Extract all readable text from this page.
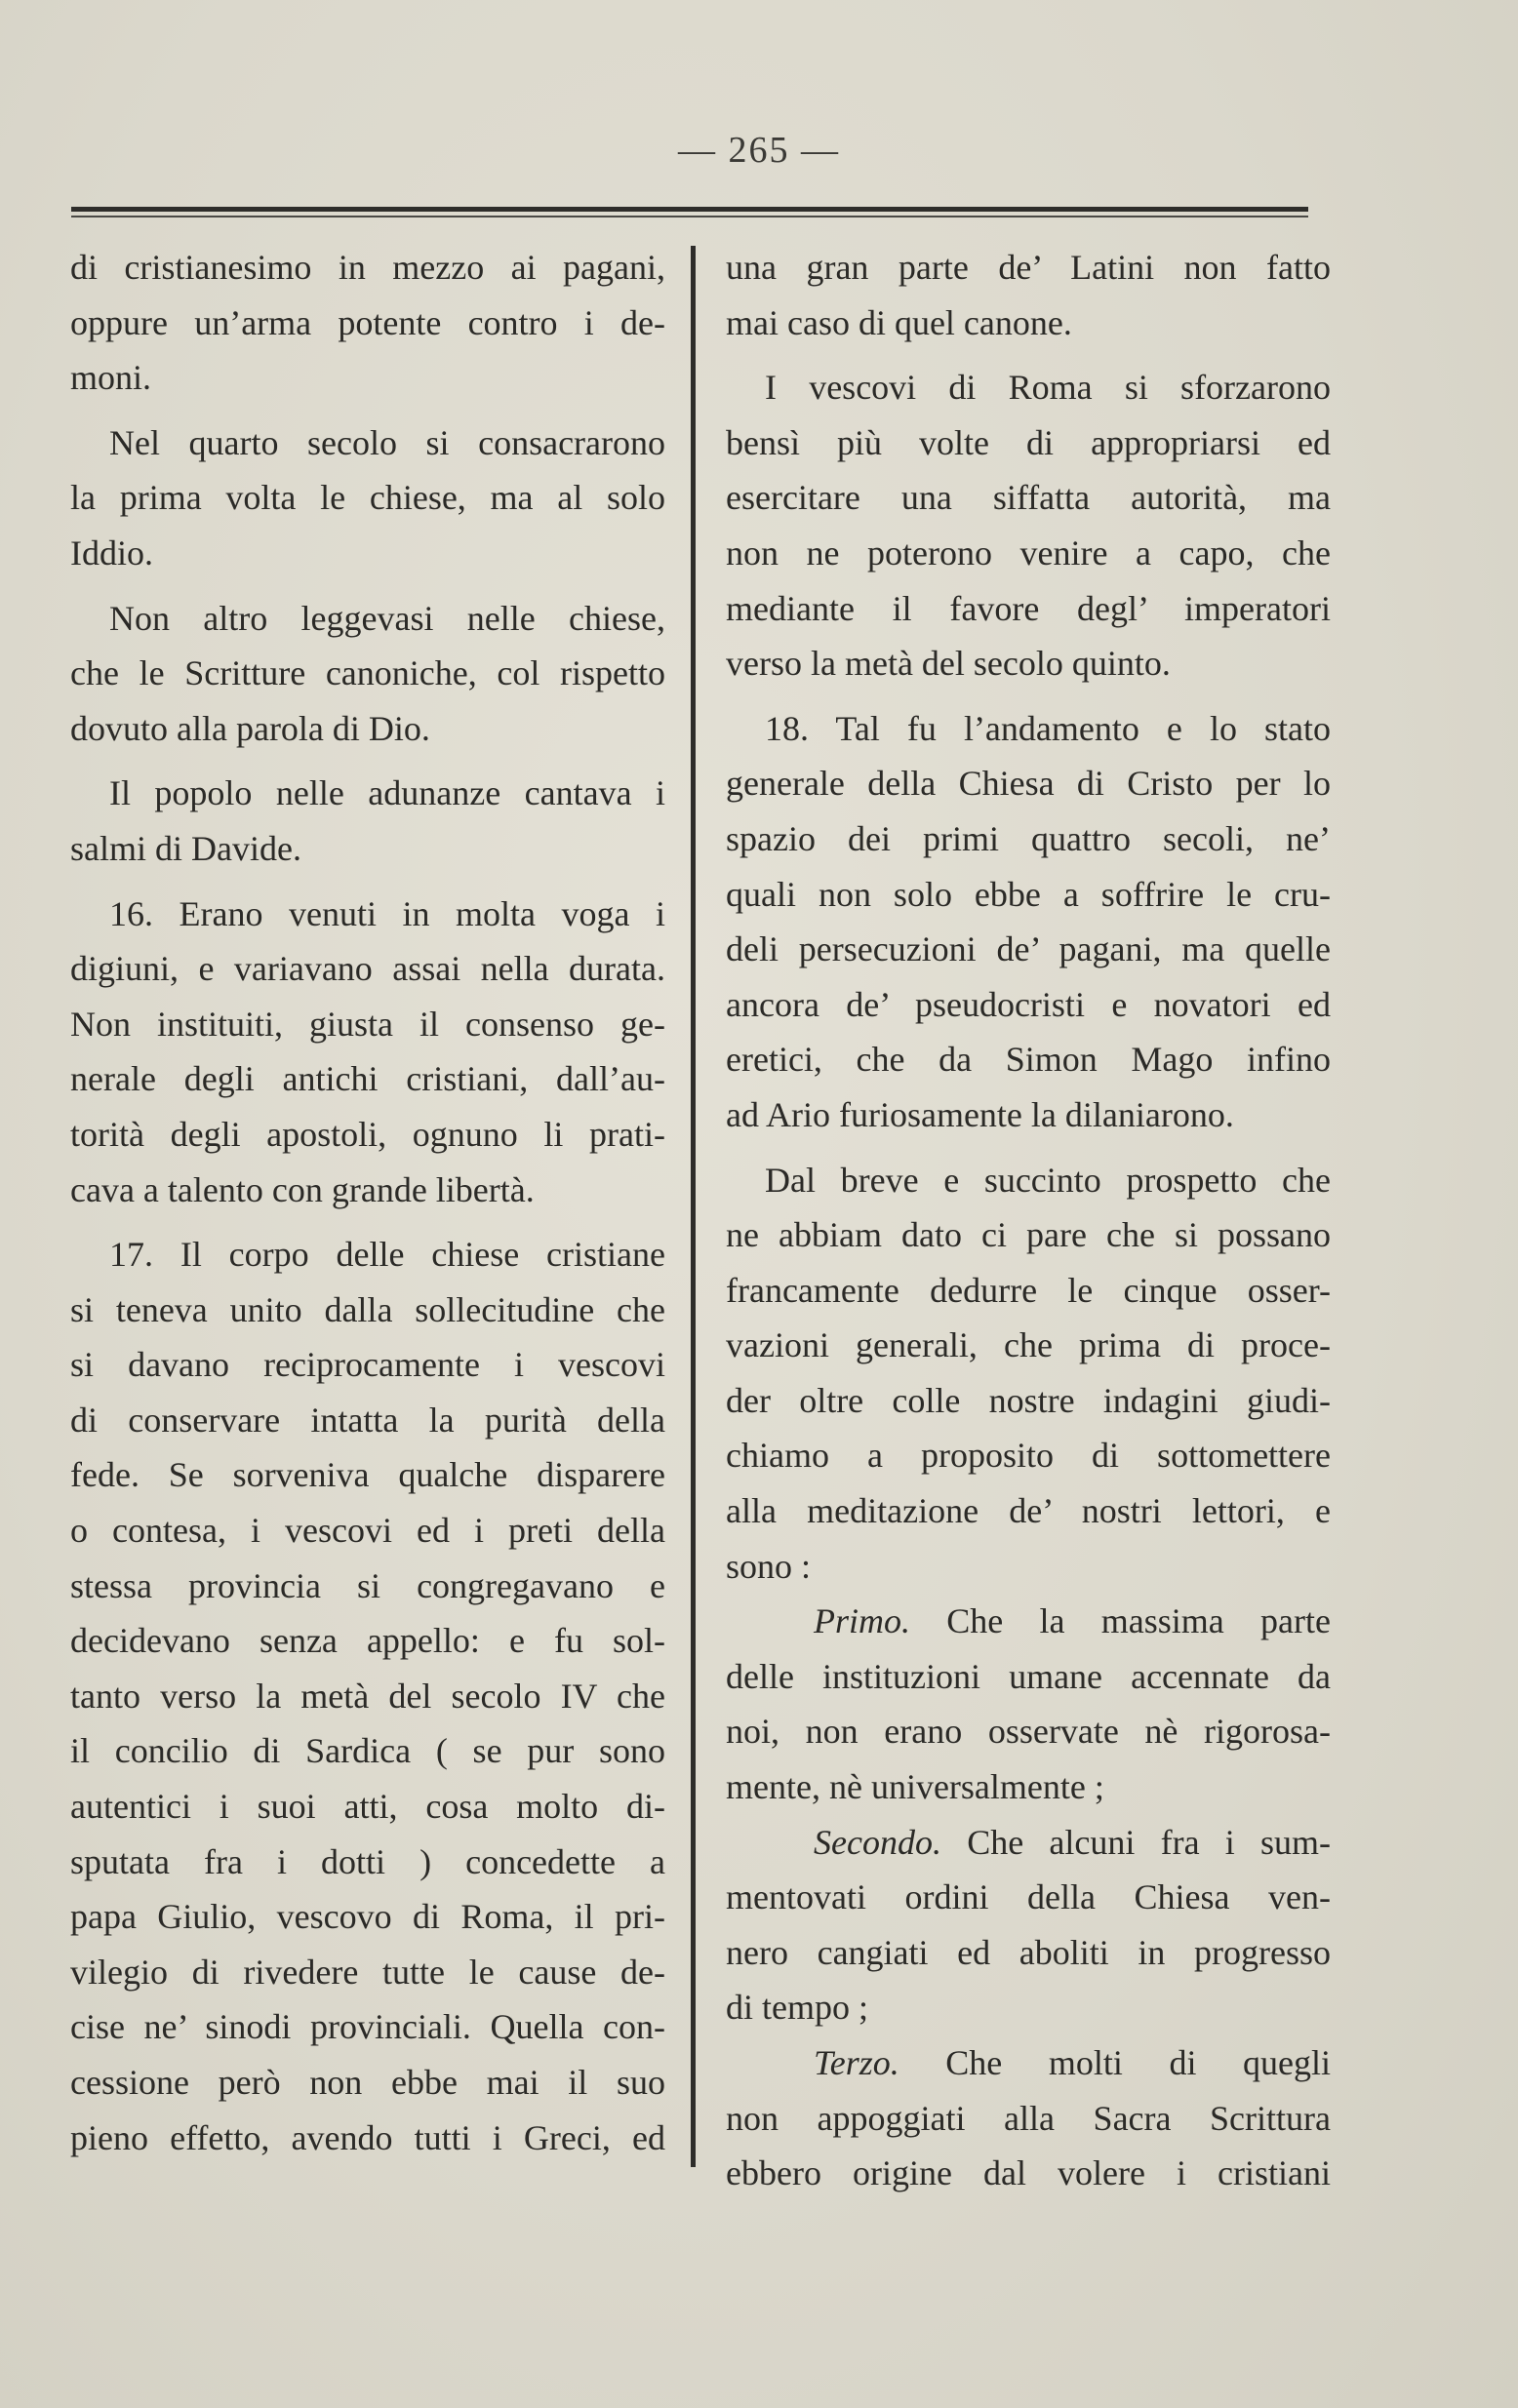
— 265 —
di cristianesimo in mezzo ai pagani,
oppure un’arma potente contro i de-
moni.
Nel quarto secolo si consacrarono
la prima volta le chiese, ma al solo
Iddio.
Non altro leggevasi nelle chiese,
che le Scritture canoniche, col rispetto
dovuto alla parola di Dio.
Il popolo nelle adunanze cantava i
salmi di Davide.
16. Erano venuti in molta voga i
digiuni, e variavano assai nella durata.
Non instituiti, giusta il consenso ge-
nerale degli antichi cristiani, dall’au-
torità degli apostoli, ognuno li prati-
cava a talento con grande libertà.
17. Il corpo delle chiese cristiane
si teneva unito dalla sollecitudine che
si davano reciprocamente i vescovi
di conservare intatta la purità della
fede. Se sorveniva qualche disparere
o contesa, i vescovi ed i preti della
stessa provincia si congregavano e
decidevano senza appello: e fu sol-
tanto verso la metà del secolo IV che
il concilio di Sardica ( se pur sono
autentici i suoi atti, cosa molto di-
sputata fra i dotti ) concedette a
papa Giulio, vescovo di Roma, il pri-
vilegio di rivedere tutte le cause de-
cise ne’ sinodi provinciali. Quella con-
cessione però non ebbe mai il suo
pieno effetto, avendo tutti i Greci, ed
una gran parte de’ Latini non fatto
mai caso di quel canone.
I vescovi di Roma si sforzarono
bensì più volte di appropriarsi ed
esercitare una siffatta autorità, ma
non ne poterono venire a capo, che
mediante il favore degl’ imperatori
verso la metà del secolo quinto.
18. Tal fu l’andamento e lo stato
generale della Chiesa di Cristo per lo
spazio dei primi quattro secoli, ne’
quali non solo ebbe a soffrire le cru-
deli persecuzioni de’ pagani, ma quelle
ancora de’ pseudocristi e novatori ed
eretici, che da Simon Mago infino
ad Ario furiosamente la dilaniarono.
Dal breve e succinto prospetto che
ne abbiam dato ci pare che si possano
francamente dedurre le cinque osser-
vazioni generali, che prima di proce-
der oltre colle nostre indagini giudi-
chiamo a proposito di sottomettere
alla meditazione de’ nostri lettori, e
sono :
Primo. Che la massima parte
delle instituzioni umane accennate da
noi, non erano osservate nè rigorosa-
mente, nè universalmente ;
Secondo. Che alcuni fra i sum-
mentovati ordini della Chiesa ven-
nero cangiati ed aboliti in progresso
di tempo ;
Terzo. Che molti di quegli
non appoggiati alla Sacra Scrittura
ebbero origine dal volere i cristiani
